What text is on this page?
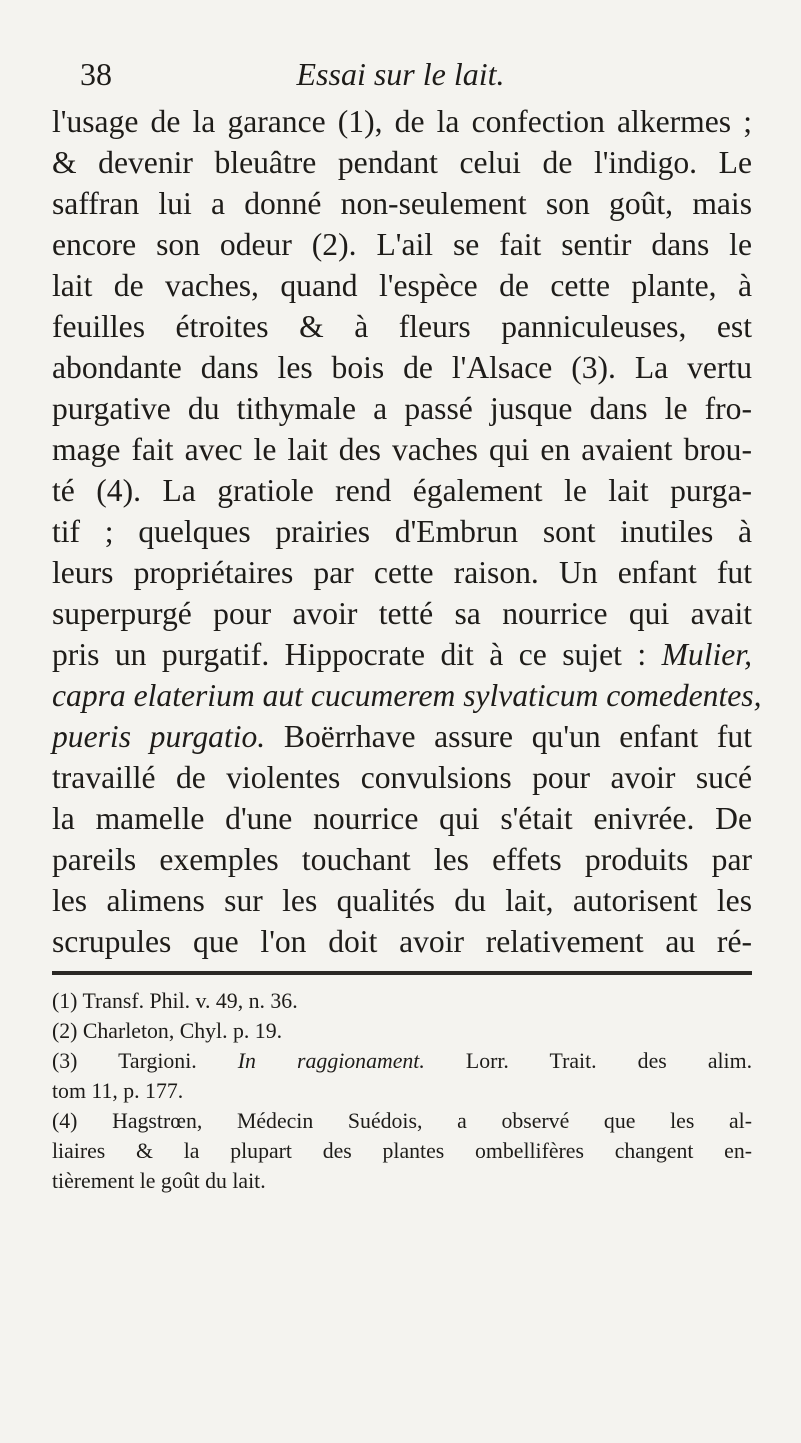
38	Essai sur le lait.
l'usage de la garance (1), de la confection alkermes ;
& devenir bleuâtre pendant celui de l'indigo. Le
saffran lui a donné non-seulement son goût, mais
encore son odeur (2). L'ail se fait sentir dans le
lait de vaches, quand l'espèce de cette plante, à
feuilles étroites & à fleurs panniculeuses, est
abondante dans les bois de l'Alsace (3). La vertu
purgative du tithymale a passé jusque dans le fro-
mage fait avec le lait des vaches qui en avaient brou-
té (4). La gratiole rend également le lait purga-
tif ; quelques prairies d'Embrun sont inutiles à
leurs propriétaires par cette raison. Un enfant fut
superpurgé pour avoir tetté sa nourrice qui avait
pris un purgatif. Hippocrate dit à ce sujet : Mulier,
capra elaterium aut cucumerem sylvaticum comedentes,
pueris purgatio. Boërrhave assure qu'un enfant fut
travaillé de violentes convulsions pour avoir sucé
la mamelle d'une nourrice qui s'était enivrée. De
pareils exemples touchant les effets produits par
les alimens sur les qualités du lait, autorisent les
scrupules que l'on doit avoir relativement au ré-
(1) Transf. Phil. v. 49, n. 36.
(2) Charleton, Chyl. p. 19.
(3) Targioni. In raggionament. Lorr. Trait. des alim.
tom 11, p. 177.
(4) Hagstrœn, Médecin Suédois, a observé que les al-
liaires & la plupart des plantes ombellifères changent en-
tièrement le goût du lait.
